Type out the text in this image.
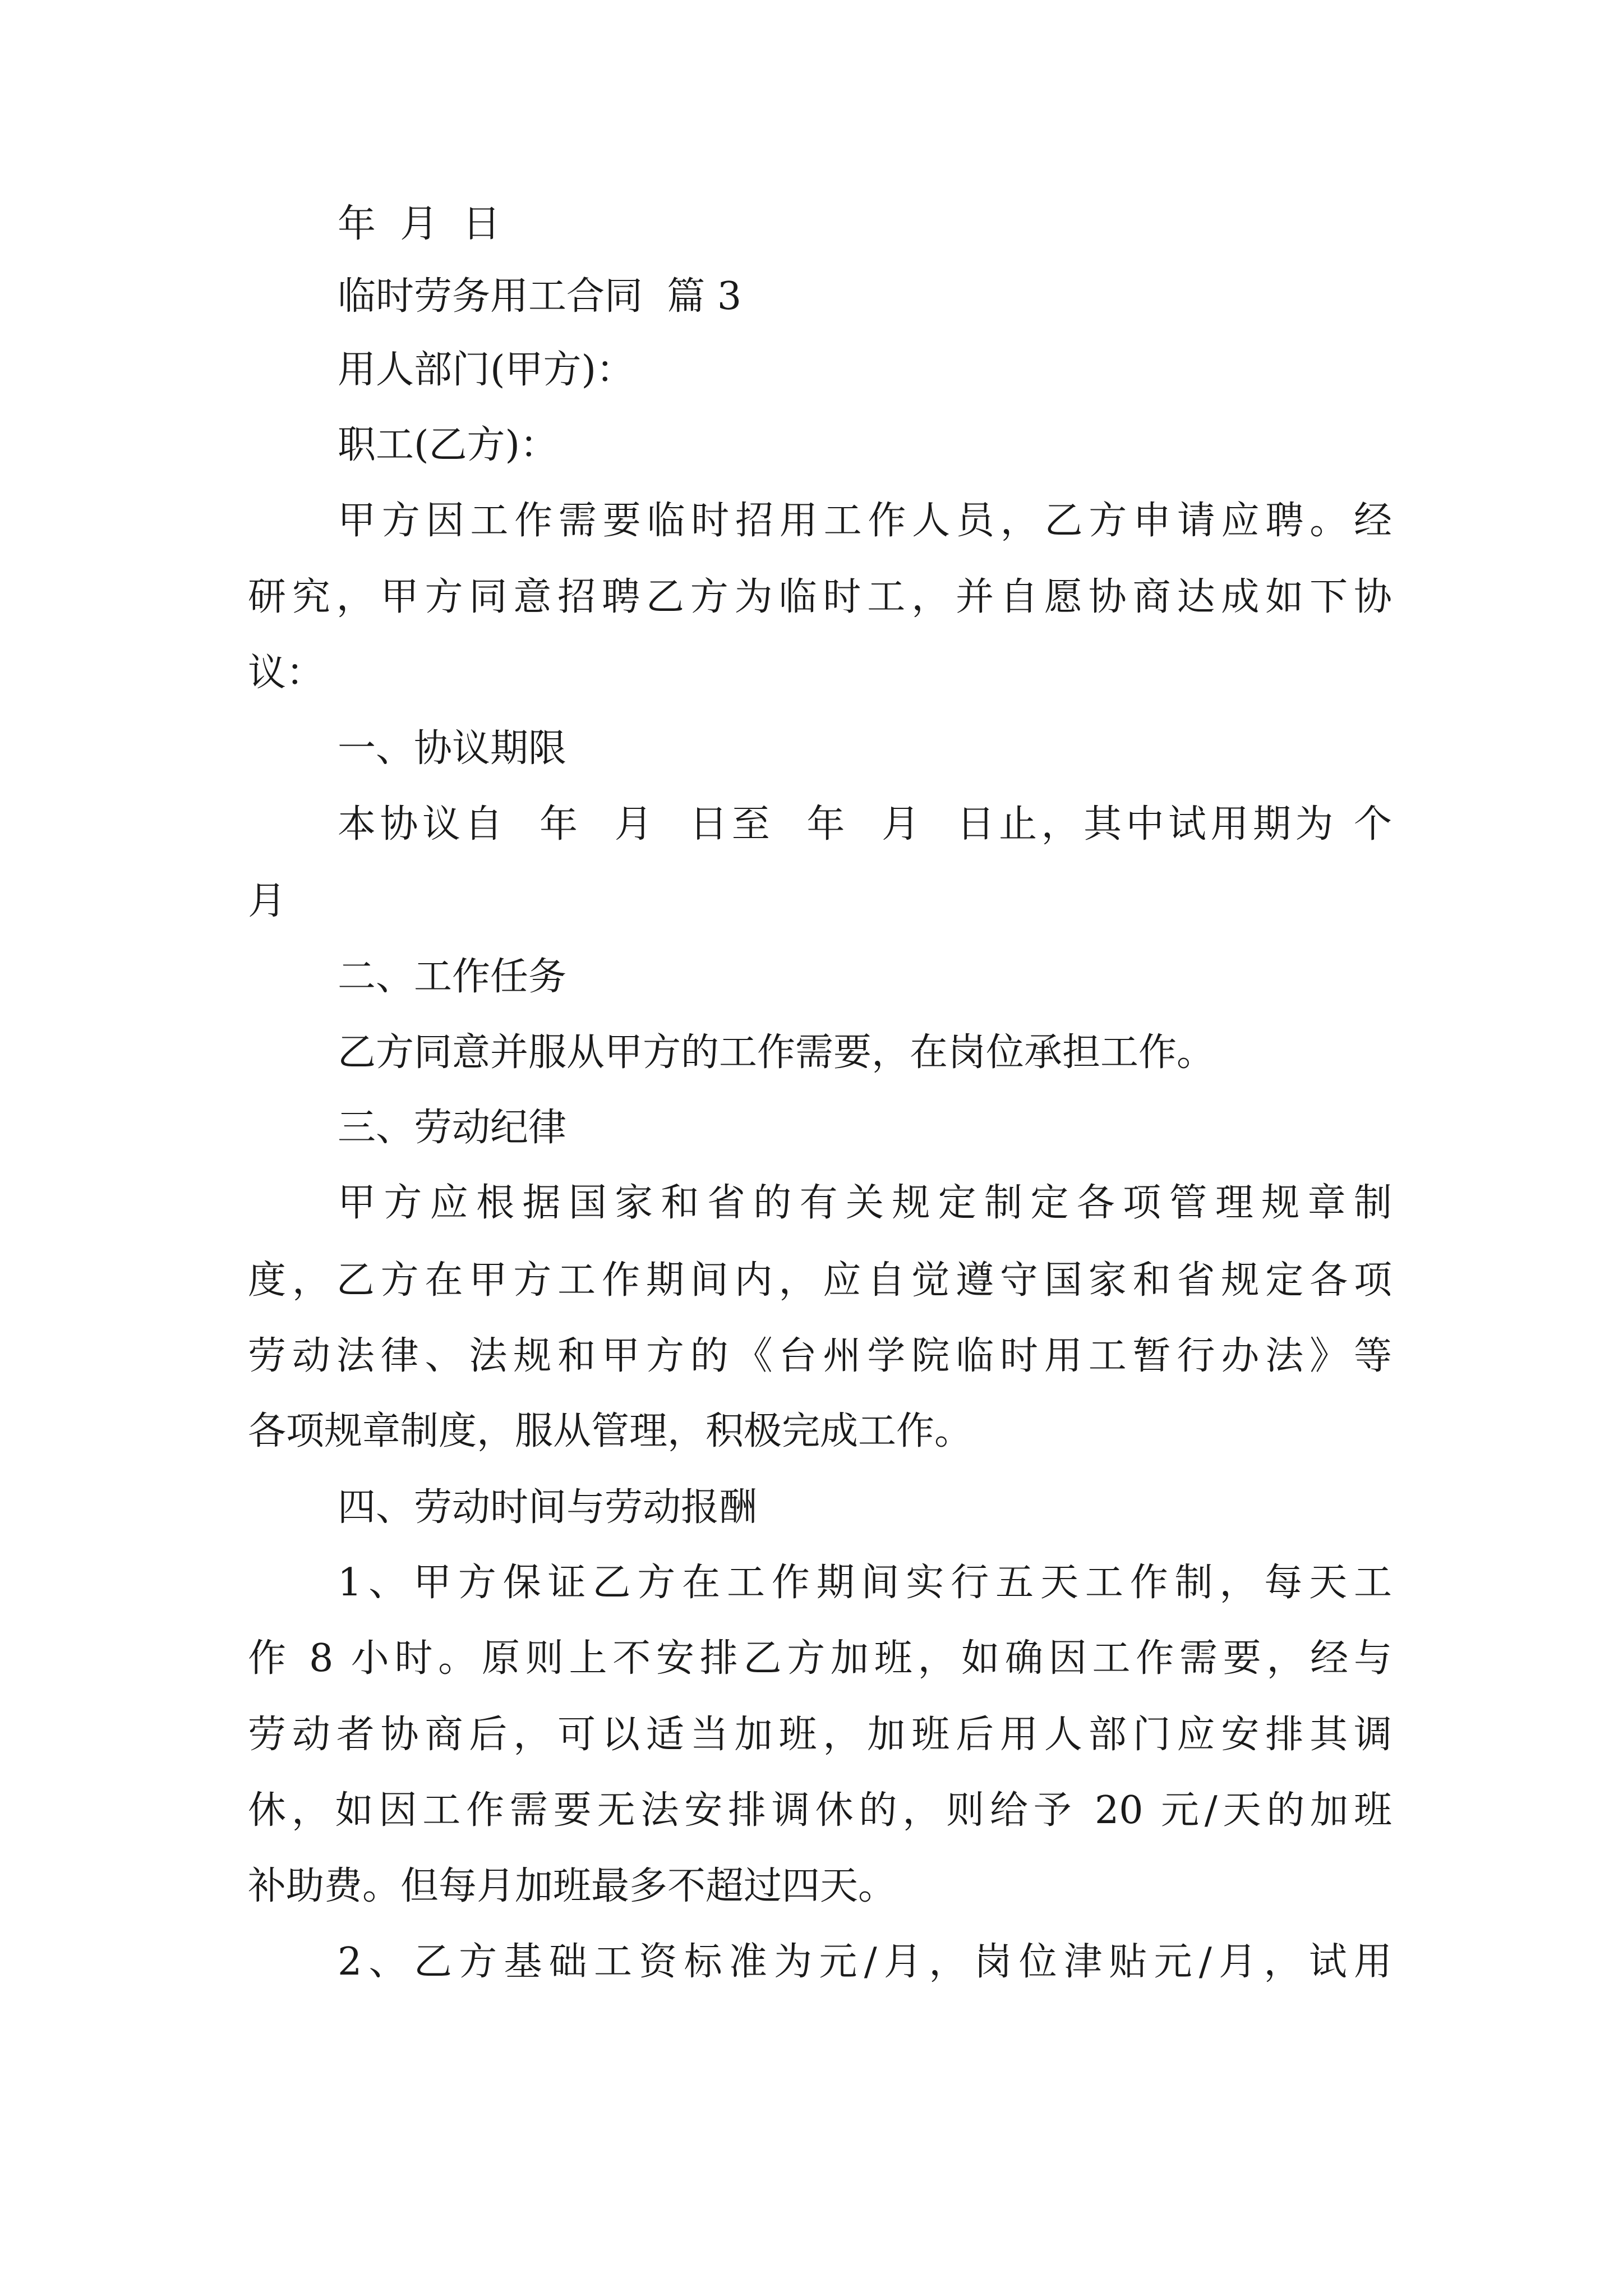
年  月  日
临时劳务用工合同  篇 3
用人部门(甲方)：
职工(乙方)：
甲方因工作需要临时招用工作人员，乙方申请应聘。经
研究，甲方同意招聘乙方为临时工，并自愿协商达成如下协
议：
一、协议期限
本协议自  年  月  日至  年  月  日止，其中试用期为 个
月
二、工作任务
乙方同意并服从甲方的工作需要，在岗位承担工作。
三、劳动纪律
甲方应根据国家和省的有关规定制定各项管理规章制
度，乙方在甲方工作期间内，应自觉遵守国家和省规定各项
劳动法律、法规和甲方的《台州学院临时用工暂行办法》等
各项规章制度，服从管理，积极完成工作。
四、劳动时间与劳动报酬
1、甲方保证乙方在工作期间实行五天工作制，每天工
作 8 小时。原则上不安排乙方加班，如确因工作需要，经与
劳动者协商后，可以适当加班，加班后用人部门应安排其调
休，如因工作需要无法安排调休的，则给予 20 元/天的加班
补助费。但每月加班最多不超过四天。
2、乙方基础工资标准为元/月，岗位津贴元/月，试用
